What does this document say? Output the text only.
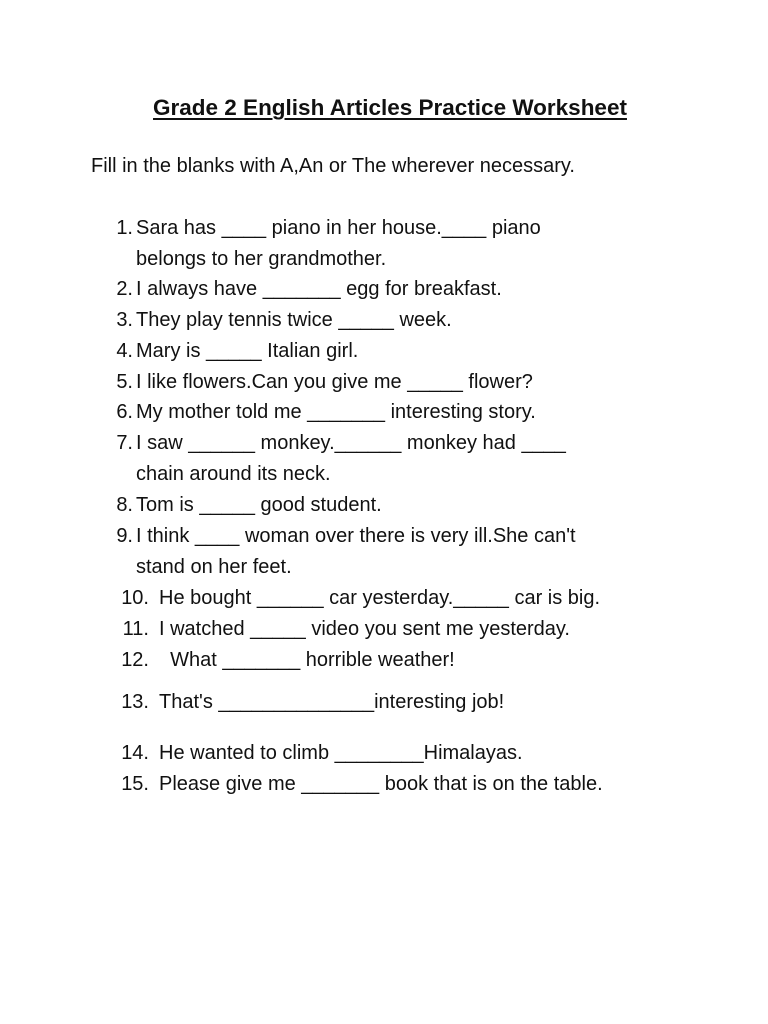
Grade 2 English Articles Practice Worksheet

Fill in the blanks with A,An or The wherever necessary.

1. Sara has ____ piano in her house.____ piano
belongs to her grandmother.
2. I always have _______ egg for breakfast.
3. They play tennis twice _____ week.
4. Mary is _____ Italian girl.
5. I like flowers.Can you give me _____ flower?
6. My mother told me _______ interesting story.
7. I saw ______ monkey.______ monkey had ____
chain around its neck.
8. Tom is _____ good student.
9. I think ____ woman over there is very ill.She can't
stand on her feet.
10. He bought ______ car yesterday._____ car is big.
11. I watched _____ video you sent me yesterday.
12. What _______ horrible weather!
13. That's ______________interesting job!
14. He wanted to climb ________Himalayas.
15. Please give me _______ book that is on the table.
